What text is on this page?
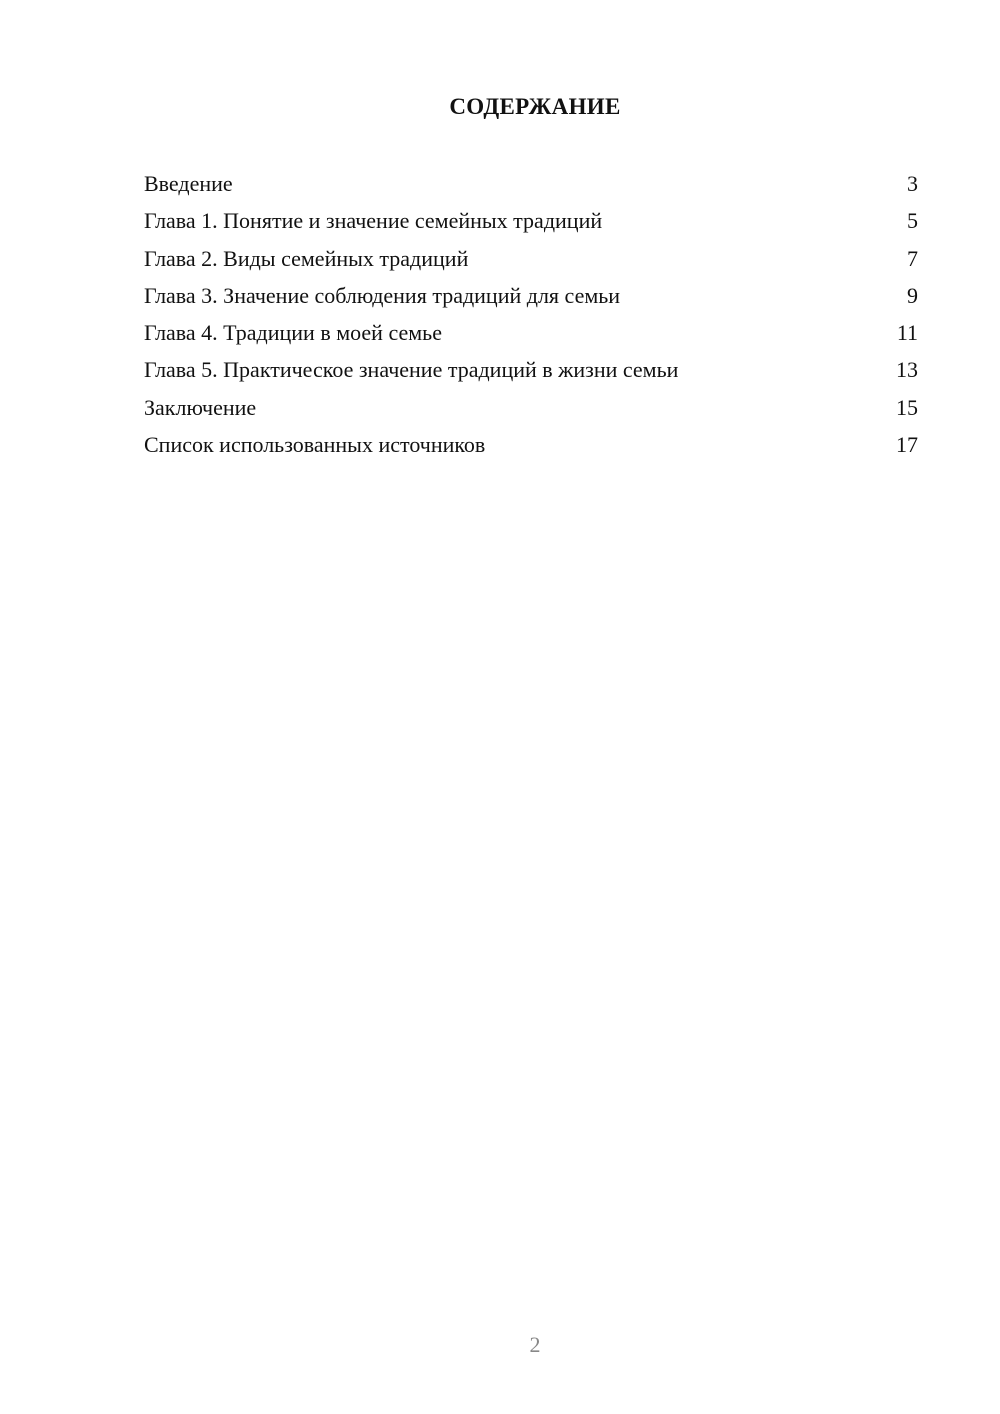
СОДЕРЖАНИЕ
Введение	3
Глава 1. Понятие и значение семейных традиций	5
Глава 2. Виды семейных традиций	7
Глава 3. Значение соблюдения традиций для семьи	9
Глава 4. Традиции в моей семье	11
Глава 5. Практическое значение традиций в жизни семьи	13
Заключение	15
Список использованных источников	17
2
